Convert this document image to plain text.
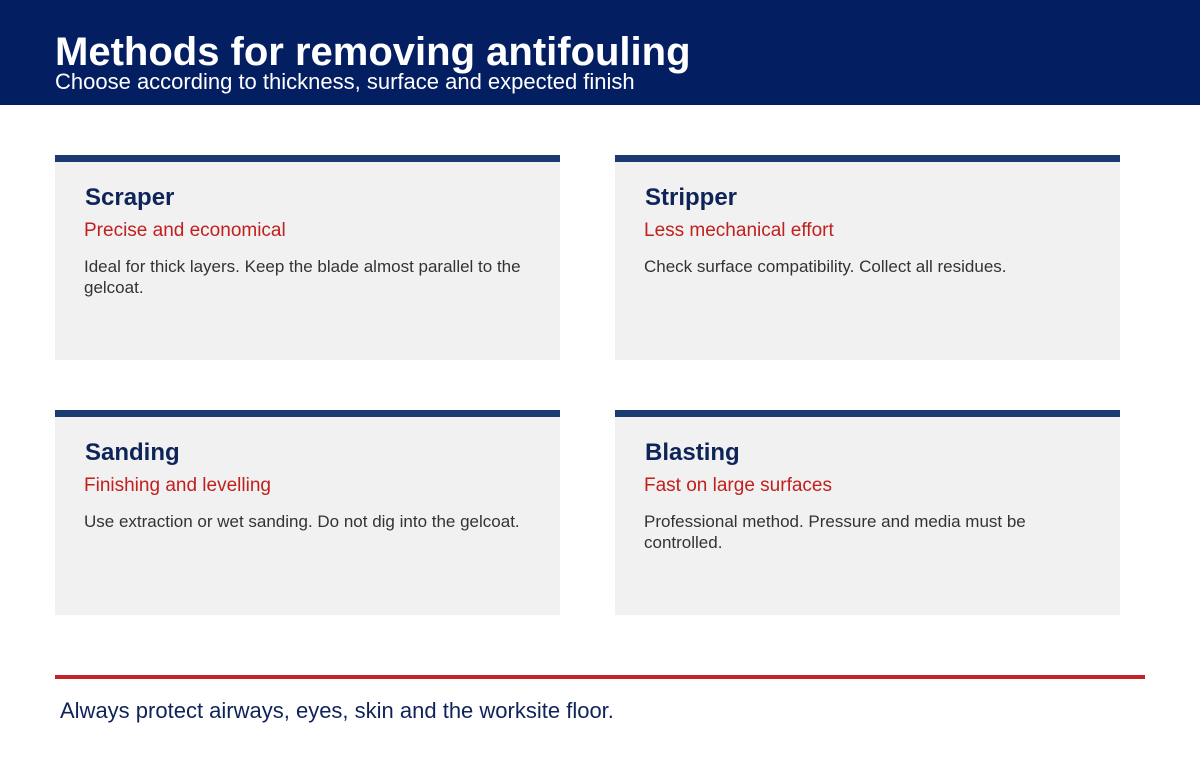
Methods for removing antifouling

Choose according to thickness, surface and expected finish

Scraper

Precise and economical

Ideal for thick layers. Keep the blade almost parallel to the gelcoat.

Stripper

Less mechanical effort

Check surface compatibility. Collect all residues.

Sanding

Finishing and levelling

Use extraction or wet sanding. Do not dig into the gelcoat.

Blasting

Fast on large surfaces

Professional method. Pressure and media must be controlled.

Always protect airways, eyes, skin and the worksite floor.
